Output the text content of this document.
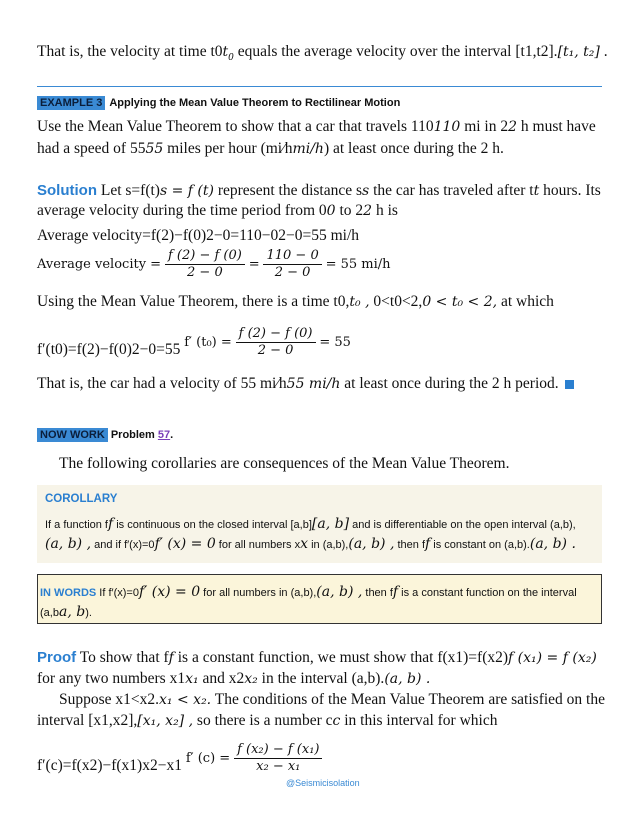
That is, the velocity at time $t0t_0$ equals the average velocity over the interval [t1,t2].[t₁, t₂] .
EXAMPLE 3 Applying the Mean Value Theorem to Rectilinear Motion
Use the Mean Value Theorem to show that a car that travels 110110 mi in 22 h must have
had a speed of 5555 miles per hour (mi⁄hmi/h) at least once during the 2 h.
Solution Let s=f(t)s = f (t) represent the distance ss the car has traveled after tt hours. Its
average velocity during the time period from 00 to 22 h is
Average velocity=f(2)−f(0)2−0=110−02−0=55 mi/h
Average velocity = $\frac{f (2) - f (0)}{2 - 0} = \frac{110 - 0}{2 - 0} = 55$ mi/h
Using the Mean Value Theorem, there is a time t0,t₀ , 0<t0<2,0 < t₀ < 2, at which
f′(t0)=f(2)−f(0)2−0=55 f′ $(t_0) = \frac{f (2) - f (0)}{2 - 0} = 55$
That is, the car had a velocity of 55 mi⁄h55 mi/h at least once during the 2 h period.
NOW WORK Problem 57.
The following corollaries are consequences of the Mean Value Theorem.
COROLLARY
If a function ff is continuous on the closed interval [a,b][a, b] and is differentiable on the open interval (a,b),
(a, b) , and if f′(x)=0f′ (x) = 0 for all numbers xx in (a,b),(a, b) , then ff is constant on (a,b).(a, b) .
IN WORDS If f′(x)=0f′ (x) = 0 for all numbers in (a,b),(a, b) , then ff is a constant function on the interval
(a,ba, b).
Proof To show that ff is a constant function, we must show that f(x1)=f(x2)f (x₁) = f (x₂)
for any two numbers x1x₁ and x2x₂ in the interval (a,b).(a, b) .
Suppose x1<x2.x₁ < x₂. The conditions of the Mean Value Theorem are satisfied on the
interval [x1,x2],[x₁, x₂] , so there is a number cc in this interval for which
f′(c)=f(x2)−f(x1)x2−x1 f′ $(c) = \frac{\text{f (x₂) − f (x₁)}}{\text{x₂ − x₁}}$
@Seismicisolation
